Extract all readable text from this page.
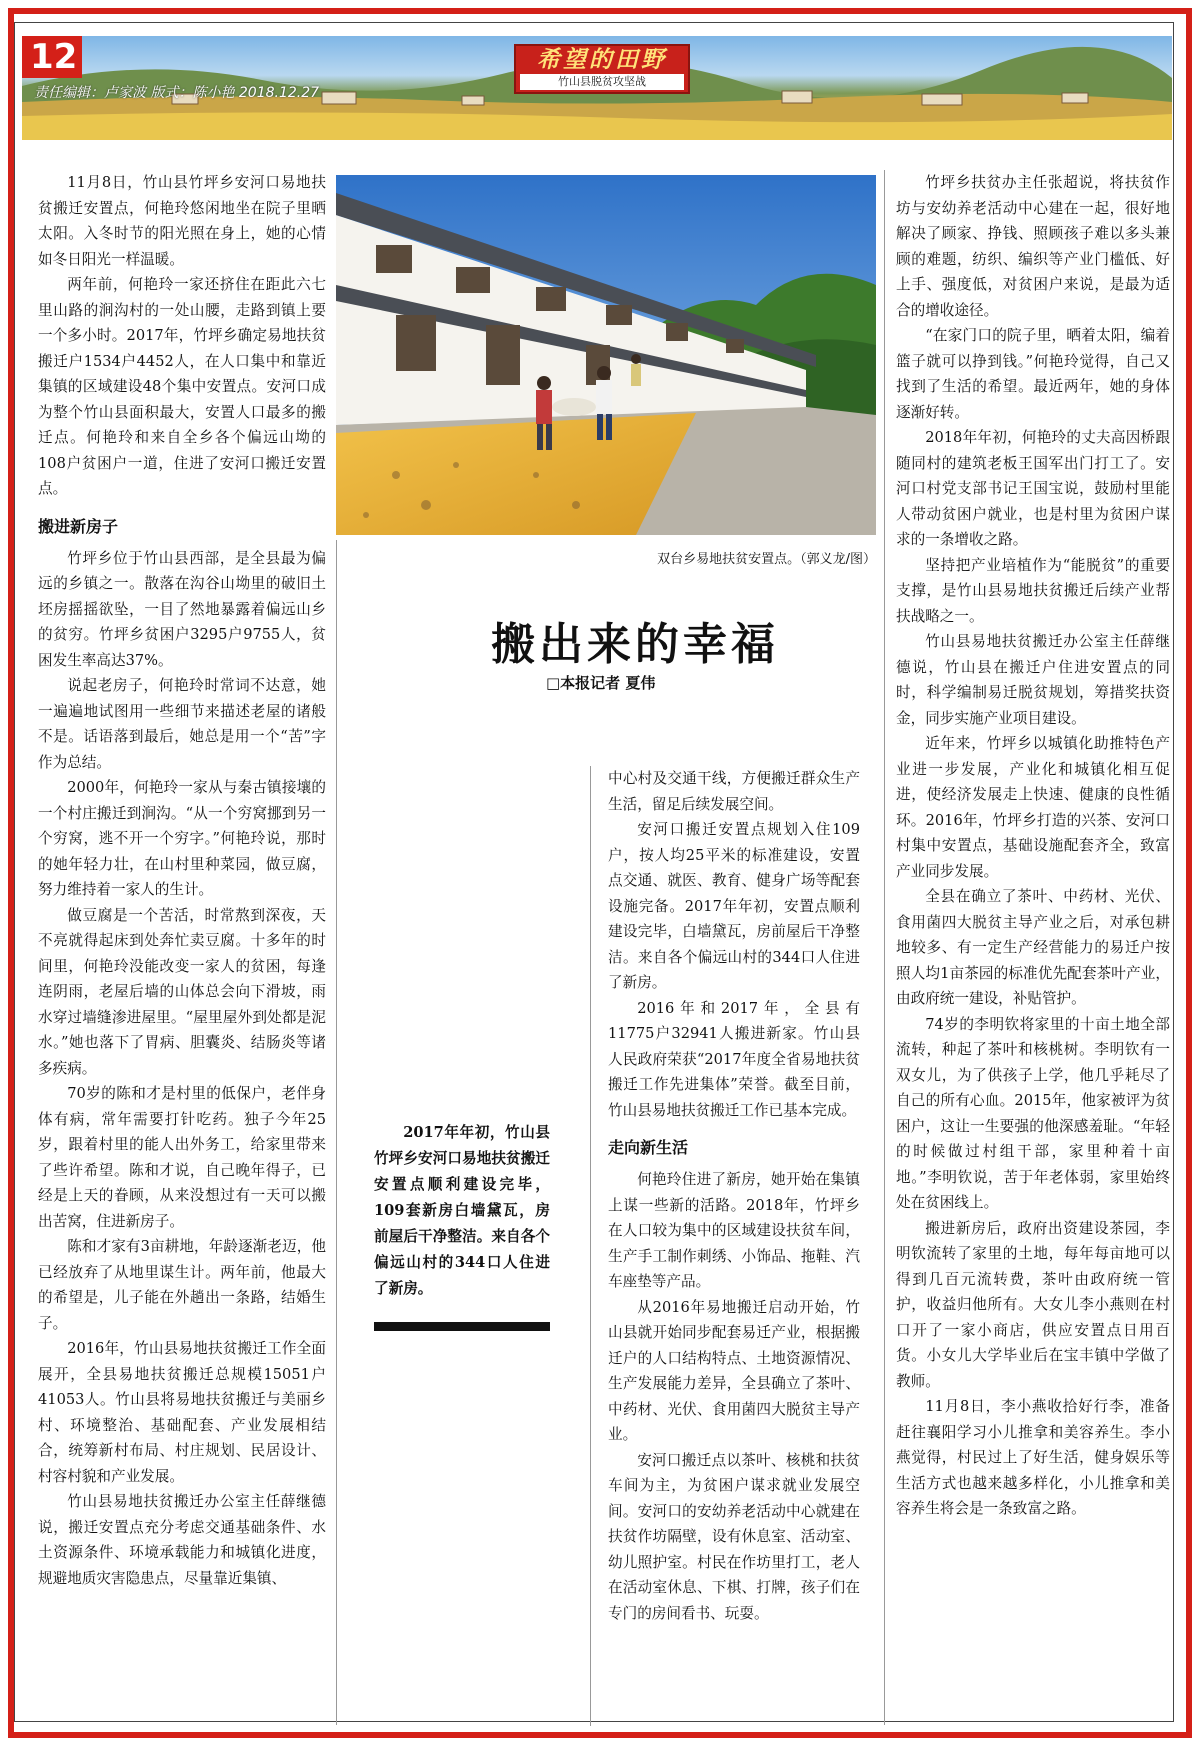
12
责任编辑：卢家波 版式：陈小艳 2018.12.27
希望的田野
竹山县脱贫攻坚战

11月8日，竹山县竹坪乡安河口易地扶贫搬迁安置点，何艳玲悠闲地坐在院子里晒太阳。入冬时节的阳光照在身上，她的心情如冬日阳光一样温暖。

两年前，何艳玲一家还挤住在距此六七里山路的涧沟村的一处山腰，走路到镇上要一个多小时。2017年，竹坪乡确定易地扶贫搬迁户1534户4452人，在人口集中和靠近集镇的区域建设48个集中安置点。安河口成为整个竹山县面积最大，安置人口最多的搬迁点。何艳玲和来自全乡各个偏远山坳的108户贫困户一道，住进了安河口搬迁安置点。

搬进新房子

竹坪乡位于竹山县西部，是全县最为偏远的乡镇之一。散落在沟谷山坳里的破旧土坯房摇摇欲坠，一目了然地暴露着偏远山乡的贫穷。竹坪乡贫困户3295户9755人，贫困发生率高达37%。

说起老房子，何艳玲时常词不达意，她一遍遍地试图用一些细节来描述老屋的诸般不是。话语落到最后，她总是用一个“苦”字作为总结。

2000年，何艳玲一家从与秦古镇接壤的一个村庄搬迁到涧沟。“从一个穷窝挪到另一个穷窝，逃不开一个穷字。”何艳玲说，那时的她年轻力壮，在山村里种菜园，做豆腐，努力维持着一家人的生计。

做豆腐是一个苦活，时常熬到深夜，天不亮就得起床到处奔忙卖豆腐。十多年的时间里，何艳玲没能改变一家人的贫困，每逢连阴雨，老屋后墙的山体总会向下滑坡，雨水穿过墙缝渗进屋里。“屋里屋外到处都是泥水。”她也落下了胃病、胆囊炎、结肠炎等诸多疾病。

70岁的陈和才是村里的低保户，老伴身体有病，常年需要打针吃药。独子今年25岁，跟着村里的能人出外务工，给家里带来了些许希望。陈和才说，自己晚年得子，已经是上天的眷顾，从来没想过有一天可以搬出苦窝，住进新房子。

陈和才家有3亩耕地，年龄逐渐老迈，他已经放弃了从地里谋生计。两年前，他最大的希望是，儿子能在外趟出一条路，结婚生子。

2016年，竹山县易地扶贫搬迁工作全面展开，全县易地扶贫搬迁总规模15051户41053人。竹山县将易地扶贫搬迁与美丽乡村、环境整治、基础配套、产业发展相结合，统筹新村布局、村庄规划、民居设计、村容村貌和产业发展。

竹山县易地扶贫搬迁办公室主任薛继德说，搬迁安置点充分考虑交通基础条件、水土资源条件、环境承载能力和城镇化进度，规避地质灾害隐患点，尽量靠近集镇、

双台乡易地扶贫安置点。（郭义龙/图）
搬出来的幸福
□本报记者 夏伟

中心村及交通干线，方便搬迁群众生产生活，留足后续发展空间。

安河口搬迁安置点规划入住109户，按人均25平米的标准建设，安置点交通、就医、教育、健身广场等配套设施完备。2017年年初，安置点顺利建设完毕，白墙黛瓦，房前屋后干净整洁。来自各个偏远山村的344口人住进了新房。

2016年和2017年，全县有11775户32941人搬进新家。竹山县人民政府荣获“2017年度全省易地扶贫搬迁工作先进集体”荣誉。截至目前，竹山县易地扶贫搬迁工作已基本完成。

走向新生活

何艳玲住进了新房，她开始在集镇上谋一些新的活路。2018年，竹坪乡在人口较为集中的区域建设扶贫车间，生产手工制作刺绣、小饰品、拖鞋、汽车座垫等产品。

从2016年易地搬迁启动开始，竹山县就开始同步配套易迁产业，根据搬迁户的人口结构特点、土地资源情况、生产发展能力差异，全县确立了茶叶、中药材、光伏、食用菌四大脱贫主导产业。

安河口搬迁点以茶叶、核桃和扶贫车间为主，为贫困户谋求就业发展空间。安河口的安幼养老活动中心就建在扶贫作坊隔壁，设有休息室、活动室、幼儿照护室。村民在作坊里打工，老人在活动室休息、下棋、打牌，孩子们在专门的房间看书、玩耍。

竹坪乡扶贫办主任张超说，将扶贫作坊与安幼养老活动中心建在一起，很好地解决了顾家、挣钱、照顾孩子难以多头兼顾的难题，纺织、编织等产业门槛低、好上手、强度低，对贫困户来说，是最为适合的增收途径。

“在家门口的院子里，晒着太阳，编着篮子就可以挣到钱。”何艳玲觉得，自己又找到了生活的希望。最近两年，她的身体逐渐好转。

2018年年初，何艳玲的丈夫高因桥跟随同村的建筑老板王国军出门打工了。安河口村党支部书记王国宝说，鼓励村里能人带动贫困户就业，也是村里为贫困户谋求的一条增收之路。

坚持把产业培植作为“能脱贫”的重要支撑，是竹山县易地扶贫搬迁后续产业帮扶战略之一。

竹山县易地扶贫搬迁办公室主任薛继德说，竹山县在搬迁户住进安置点的同时，科学编制易迁脱贫规划，筹措奖扶资金，同步实施产业项目建设。

近年来，竹坪乡以城镇化助推特色产业进一步发展，产业化和城镇化相互促进，使经济发展走上快速、健康的良性循环。2016年，竹坪乡打造的兴茶、安河口村集中安置点，基础设施配套齐全，致富产业同步发展。

全县在确立了茶叶、中药材、光伏、食用菌四大脱贫主导产业之后，对承包耕地较多、有一定生产经营能力的易迁户按照人均1亩茶园的标准优先配套茶叶产业，由政府统一建设，补贴管护。

74岁的李明钦将家里的十亩土地全部流转，种起了茶叶和核桃树。李明钦有一双女儿，为了供孩子上学，他几乎耗尽了自己的所有心血。2015年，他家被评为贫困户，这让一生要强的他深感羞耻。“年轻的时候做过村组干部，家里种着十亩地。”李明钦说，苦于年老体弱，家里始终处在贫困线上。

搬进新房后，政府出资建设茶园，李明钦流转了家里的土地，每年每亩地可以得到几百元流转费，茶叶由政府统一管护，收益归他所有。大女儿李小燕则在村口开了一家小商店，供应安置点日用百货。小女儿大学毕业后在宝丰镇中学做了教师。

11月8日，李小燕收拾好行李，准备赶往襄阳学习小儿推拿和美容养生。李小燕觉得，村民过上了好生活，健身娱乐等生活方式也越来越多样化，小儿推拿和美容养生将会是一条致富之路。

2017年年初，竹山县竹坪乡安河口易地扶贫搬迁安置点顺利建设完毕，109套新房白墙黛瓦，房前屋后干净整洁。来自各个偏远山村的344口人住进了新房。
